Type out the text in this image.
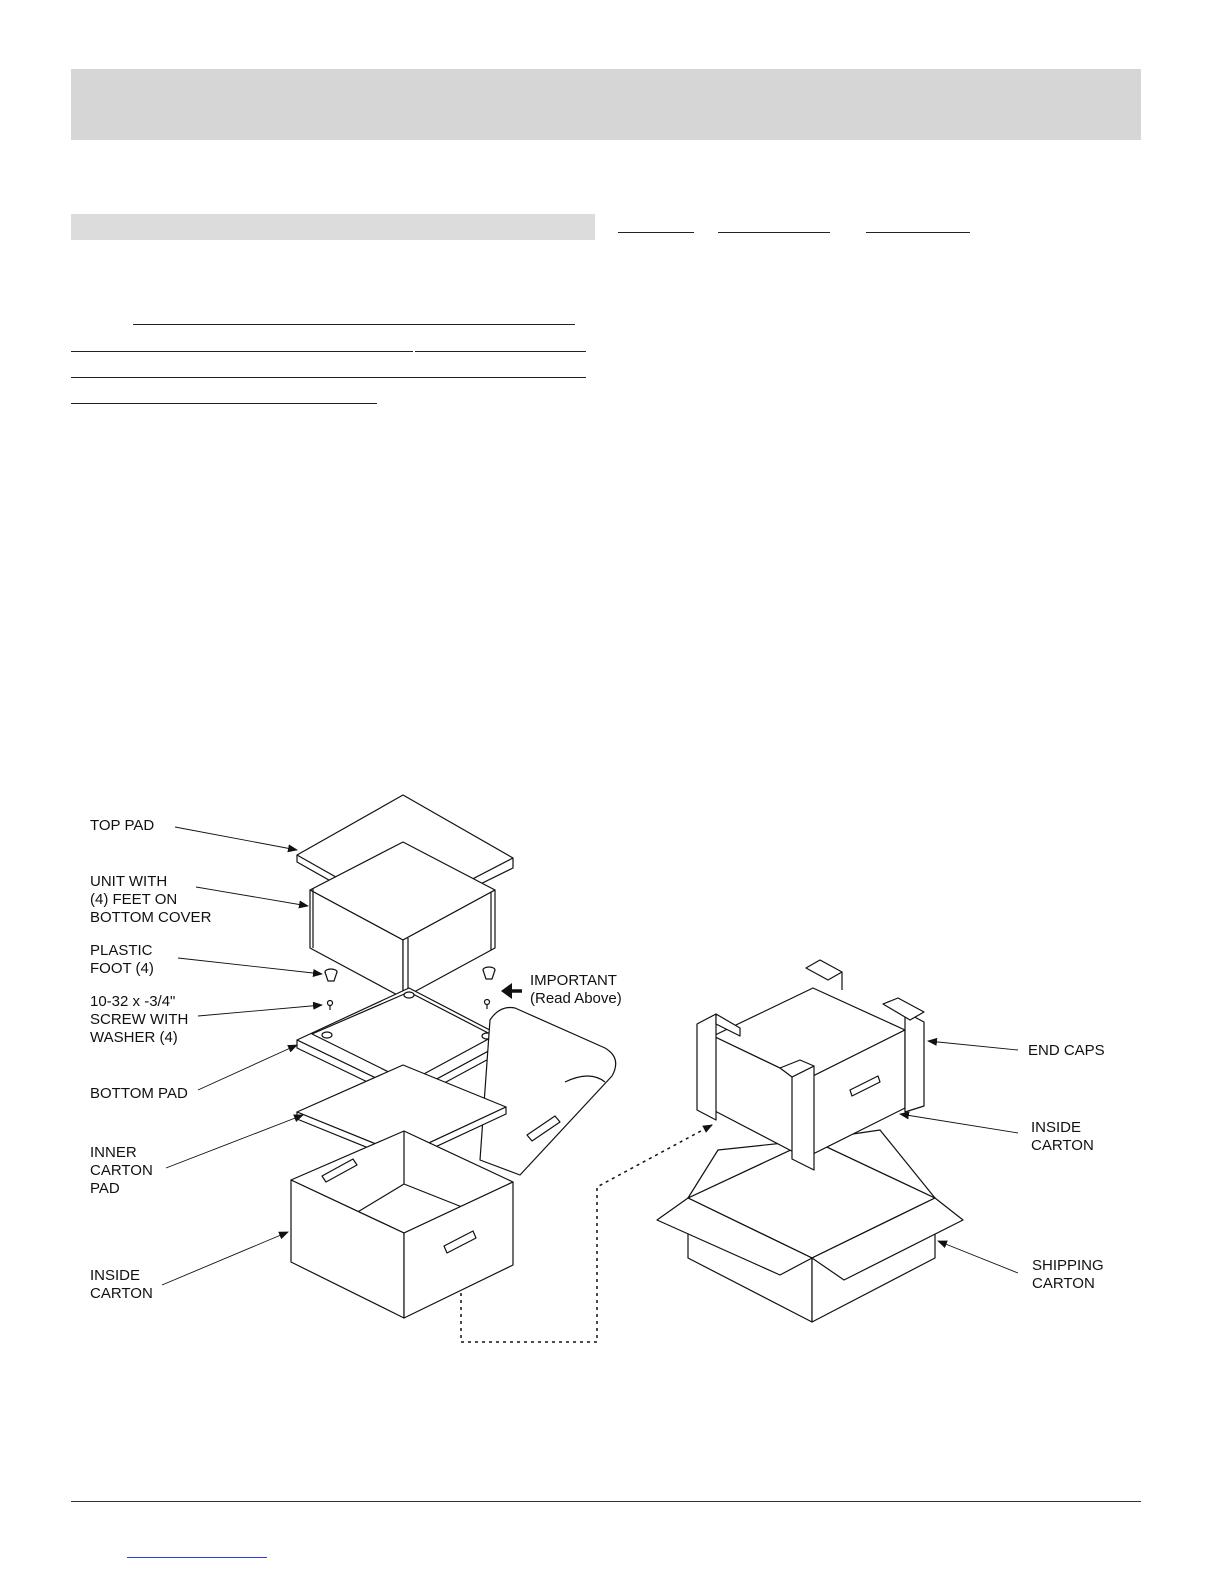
TOP PAD
UNIT WITH (4) FEET ON BOTTOM COVER
PLASTIC FOOT (4)
10-32 x -3/4" SCREW WITH WASHER (4)
BOTTOM PAD
INNER CARTON PAD
INSIDE CARTON
IMPORTANT (Read Above)
END CAPS
INSIDE CARTON
SHIPPING CARTON
